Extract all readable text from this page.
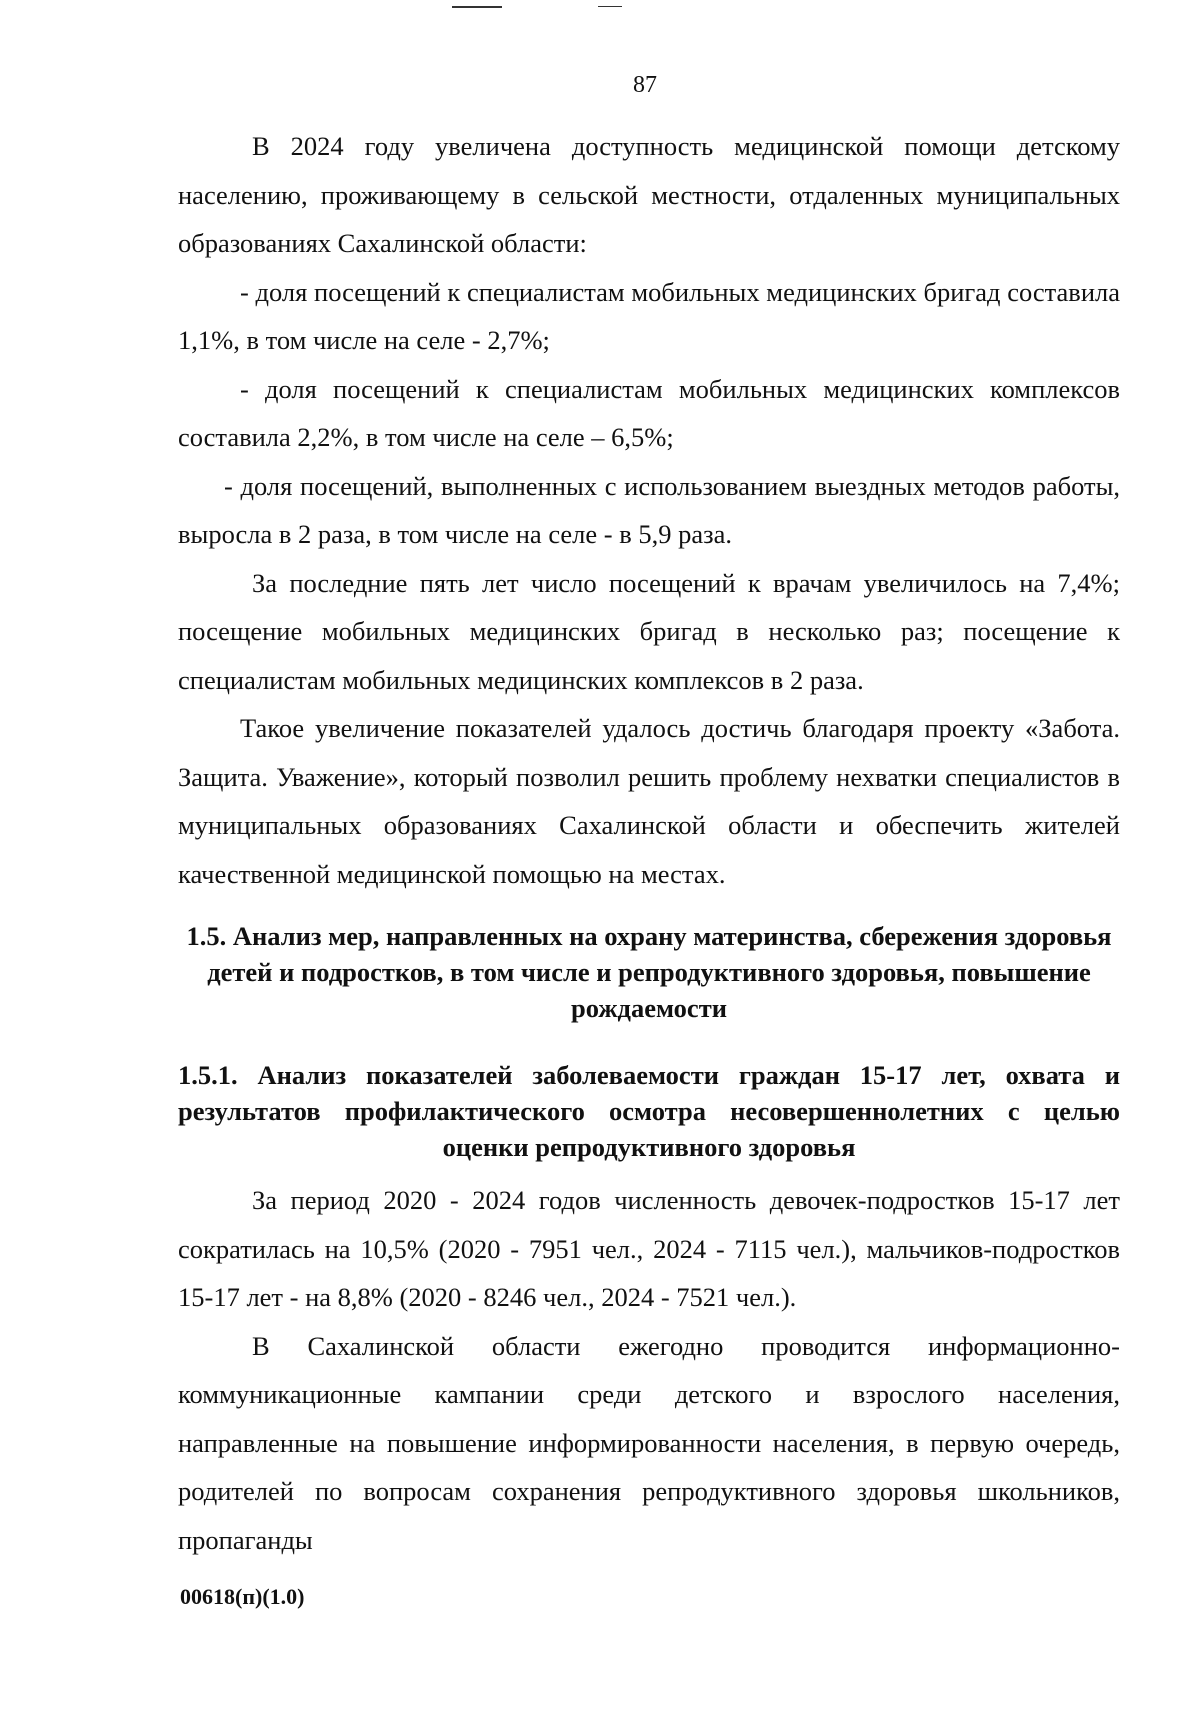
87

В 2024 году увеличена доступность медицинской помощи детскому населению, проживающему в сельской местности, отдаленных муниципальных образованиях Сахалинской области:

- доля посещений к специалистам мобильных медицинских бригад составила 1,1%, в том числе на селе - 2,7%;

- доля посещений к специалистам мобильных медицинских комплексов составила 2,2%, в том числе на селе – 6,5%;

- доля посещений, выполненных с использованием выездных методов работы, выросла в 2 раза, в том числе на селе - в 5,9 раза.

За последние пять лет число посещений к врачам увеличилось на 7,4%; посещение мобильных медицинских бригад в несколько раз; посещение к специалистам мобильных медицинских комплексов в 2 раза.

Такое увеличение показателей удалось достичь благодаря проекту «Забота. Защита. Уважение», который позволил решить проблему нехватки специалистов в муниципальных образованиях Сахалинской области и обеспечить жителей качественной медицинской помощью на местах.

1.5. Анализ мер, направленных на охрану материнства, сбережения здоровья детей и подростков, в том числе и репродуктивного здоровья, повышение рождаемости
1.5.1. Анализ показателей заболеваемости граждан 15-17 лет, охвата и результатов профилактического осмотра несовершеннолетних с целью оценки репродуктивного здоровья

За период 2020 - 2024 годов численность девочек-подростков 15-17 лет сократилась на 10,5% (2020 - 7951 чел., 2024 - 7115 чел.), мальчиков-подростков 15-17 лет - на 8,8% (2020 - 8246 чел., 2024 - 7521 чел.).

В Сахалинской области ежегодно проводится информационно-коммуникационные кампании среди детского и взрослого населения, направленные на повышение информированности населения, в первую очередь, родителей по вопросам сохранения репродуктивного здоровья школьников, пропаганды

00618(п)(1.0)
